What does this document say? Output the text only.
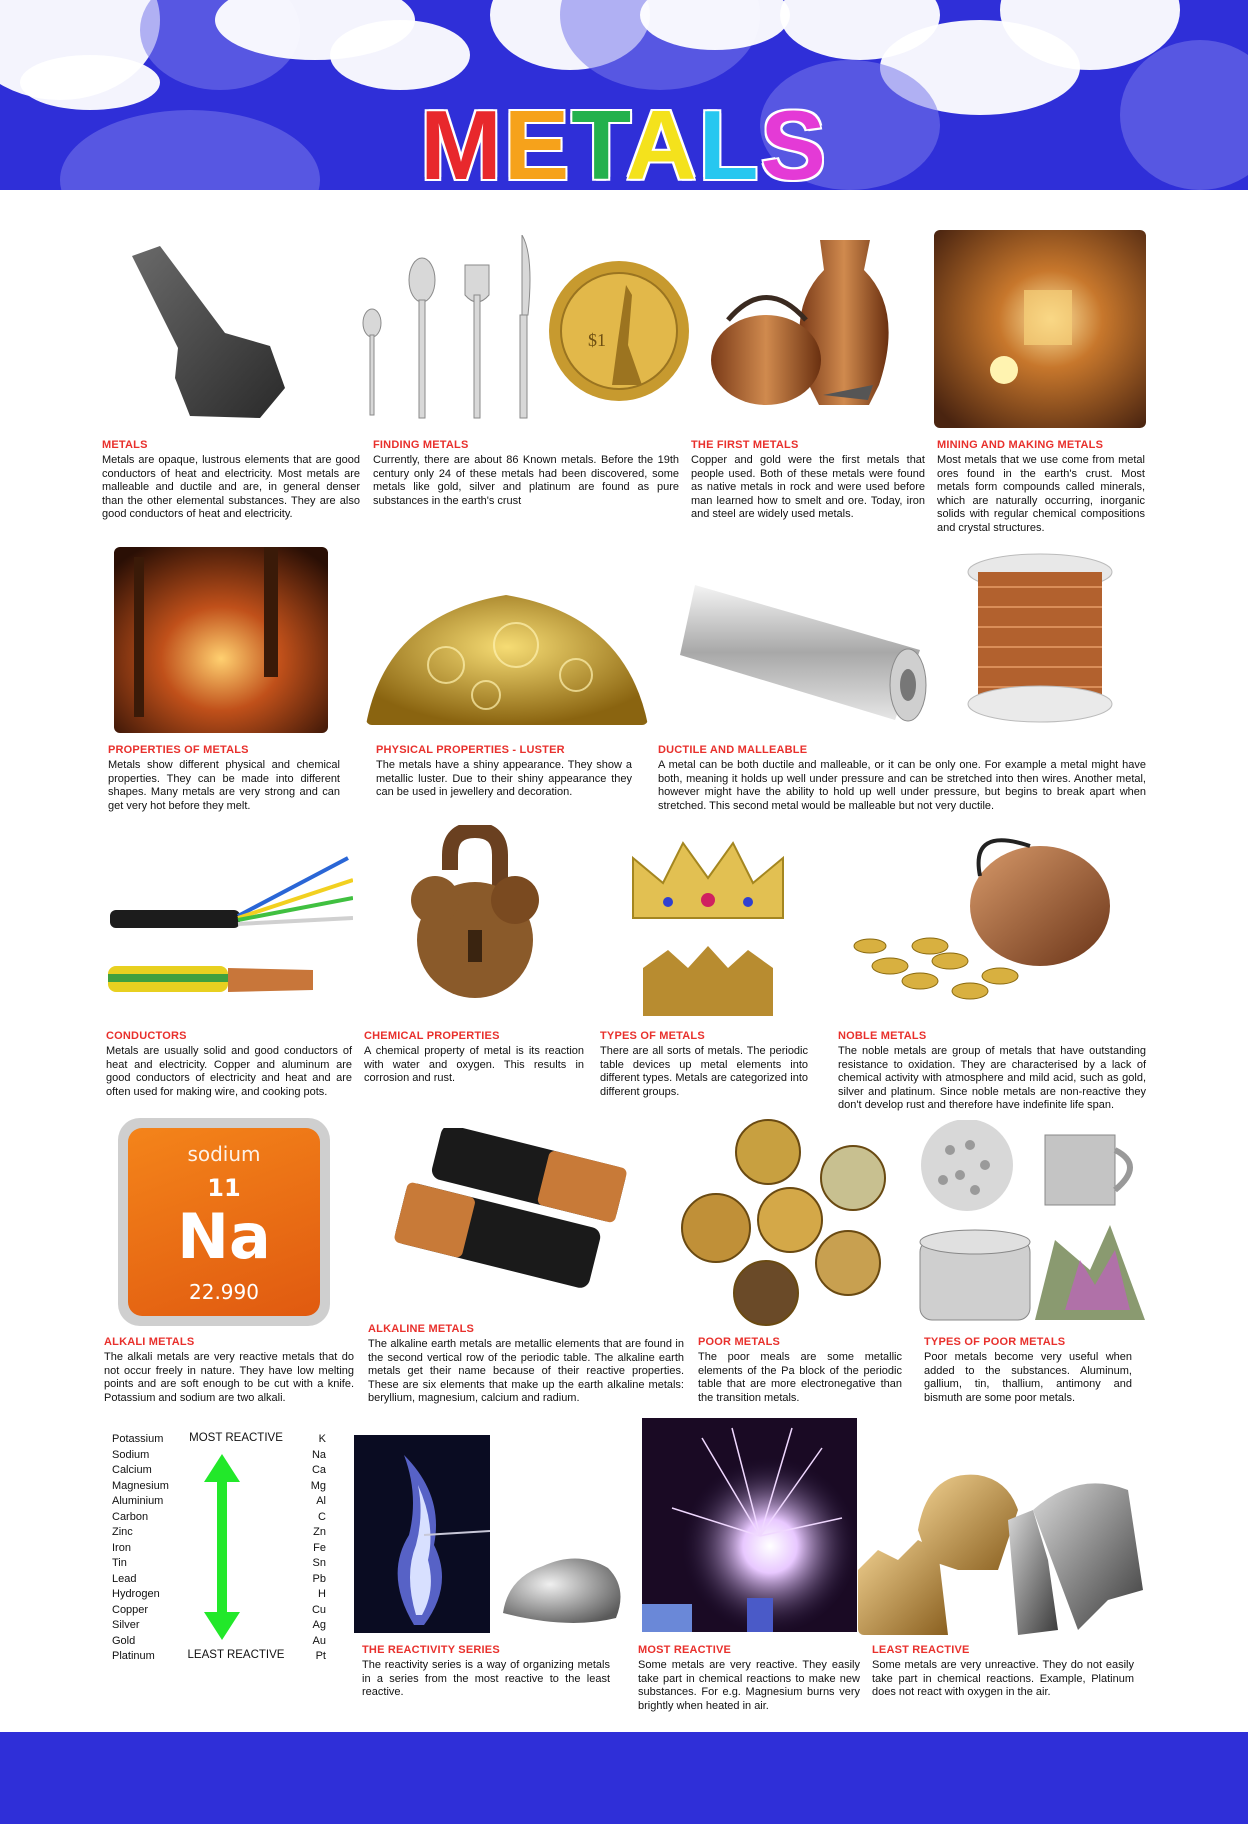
METALS
$1
METALS

Metals are opaque, lustrous elements that are good conductors of heat and electricity. Most metals are malleable and ductile and are, in general denser than the other elemental substances. They are also good conductors of heat and electricity.

FINDING METALS

Currently, there are about 86 Known metals. Before the 19th century only 24 of these metals had been discovered, some metals like gold, silver and platinum are found as pure substances in the earth's crust

THE FIRST METALS

Copper and gold were the first metals that people used. Both of these metals were found as native metals in rock and were used before man learned how to smelt and ore. Today, iron and steel are widely used metals.

MINING AND MAKING METALS

Most metals that we use come from metal ores found in the earth's crust. Most metals form compounds called minerals, which are naturally occurring, inorganic solids with regular chemical compositions and crystal structures.

PROPERTIES OF METALS

Metals show different physical and chemical properties. They can be made into different shapes. Many metals are very strong and can get very hot before they melt.

PHYSICAL PROPERTIES - LUSTER

The metals have a shiny appearance. They show a metallic luster. Due to their shiny appearance they can be used in jewellery and decoration.

DUCTILE AND MALLEABLE

A metal can be both ductile and malleable, or it can be only one. For example a metal might have both, meaning it holds up well under pressure and can be stretched into then wires. Another metal, however might have the ability to hold up well under pressure, but begins to break apart when stretched. This second metal would be malleable but not very ductile.

CONDUCTORS

Metals are usually solid and good conductors of heat and electricity. Copper and aluminum are good conductors of electricity and heat and are often used for making wire, and cooking pots.

CHEMICAL PROPERTIES

A chemical property of metal is its reaction with water and oxygen. This results in corrosion and rust.

TYPES OF METALS

There are all sorts of metals. The periodic table devices up metal elements into different types. Metals are categorized into different groups.

NOBLE METALS

The noble metals are group of metals that have outstanding resistance to oxidation. They are characterised by a lack of chemical activity with atmosphere and mild acid, such as gold, silver and platinum. Since noble metals are non-reactive they don't develop rust and therefore have indefinite life span.

sodium
11
Na
22.990
ALKALI METALS

The alkali metals are very reactive metals that do not occur freely in nature. They have low melting points and are soft enough to be cut with a knife. Potassium and sodium are two alkali.

ALKALINE METALS

The alkaline earth metals are metallic elements that are found in the second vertical row of the periodic table. The alkaline earth metals get their name because of their reactive properties. These are six elements that make up the earth alkaline metals: beryllium, magnesium, calcium and radium.

POOR METALS

The poor meals are some metallic elements of the Pa block of the periodic table that are more electronegative than the transition metals.

TYPES OF POOR METALS

Poor metals become very useful when added to the substances. Aluminum, gallium, tin, thallium, antimony and bismuth are some poor metals.

Potassium	K
Sodium	Na
Calcium	Ca
Magnesium	Mg
Aluminium	Al
Carbon	C
Zinc	Zn
Iron	Fe
Tin	Sn
Lead	Pb
Hydrogen	H
Copper	Cu
Silver	Ag
Gold	Au
Platinum	Pt
MOST REACTIVE
LEAST REACTIVE	THE REACTIVITY SERIES

The reactivity series is a way of organizing metals in a series from the most reactive to the least reactive.

MOST REACTIVE

Some metals are very reactive. They easily take part in chemical reactions to make new substances. For e.g. Magnesium burns very brightly when heated in air.

LEAST REACTIVE

Some metals are very unreactive. They do not easily take part in chemical reactions. Example, Platinum does not react with oxygen in the air.
